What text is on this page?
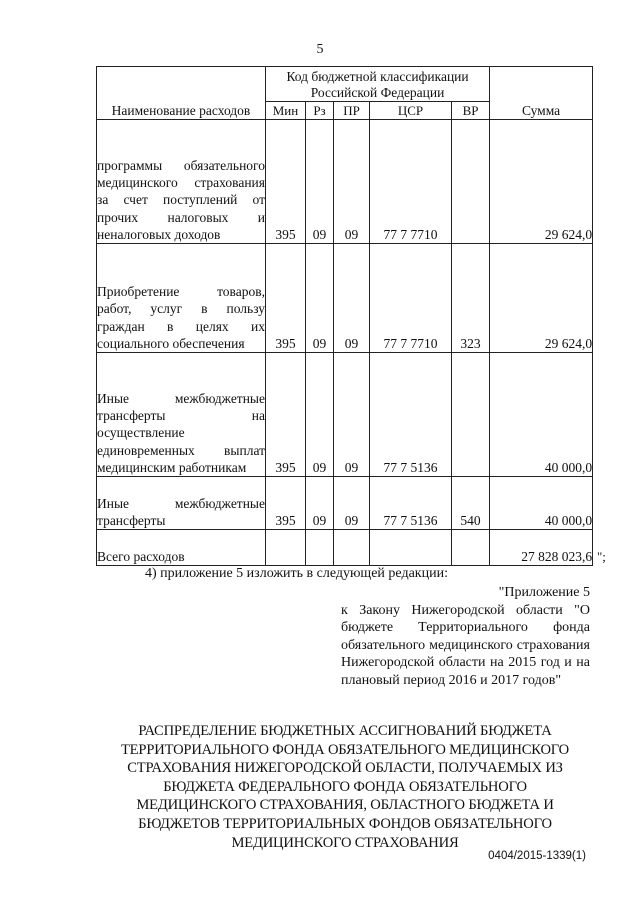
5
Наименование расходов	Код бюджетной классификации Российской Федерации					Сумма
	Мин	Рз	ПР	ЦСР	ВР	
программы обязательного медицинского страхования за счет поступлений от прочих налоговых и неналоговых доходов	395	09	09	77 7 7710		29 624,0
Приобретение товаров, работ, услуг в пользу граждан в целях их социального обеспечения	395	09	09	77 7 7710	323	29 624,0
Иные межбюджетные трансферты на осуществление единовременных выплат медицинским работникам	395	09	09	77 7 5136		40 000,0
Иные межбюджетные трансферты	395	09	09	77 7 5136	540	40 000,0
Всего расходов						27 828 023,6 ";
4) приложение 5 изложить в следующей редакции:
"Приложение 5
к Закону Нижегородской области "О бюджете Территориального фонда обязательного медицинского страхования Нижегородской области на 2015 год и на плановый период 2016 и 2017 годов"
РАСПРЕДЕЛЕНИЕ БЮДЖЕТНЫХ АССИГНОВАНИЙ БЮДЖЕТА ТЕРРИТОРИАЛЬНОГО ФОНДА ОБЯЗАТЕЛЬНОГО МЕДИЦИНСКОГО СТРАХОВАНИЯ НИЖЕГОРОДСКОЙ ОБЛАСТИ, ПОЛУЧАЕМЫХ ИЗ БЮДЖЕТА ФЕДЕРАЛЬНОГО ФОНДА ОБЯЗАТЕЛЬНОГО МЕДИЦИНСКОГО СТРАХОВАНИЯ, ОБЛАСТНОГО БЮДЖЕТА И БЮДЖЕТОВ ТЕРРИТОРИАЛЬНЫХ ФОНДОВ ОБЯЗАТЕЛЬНОГО МЕДИЦИНСКОГО СТРАХОВАНИЯ
0404/2015-1339(1)
